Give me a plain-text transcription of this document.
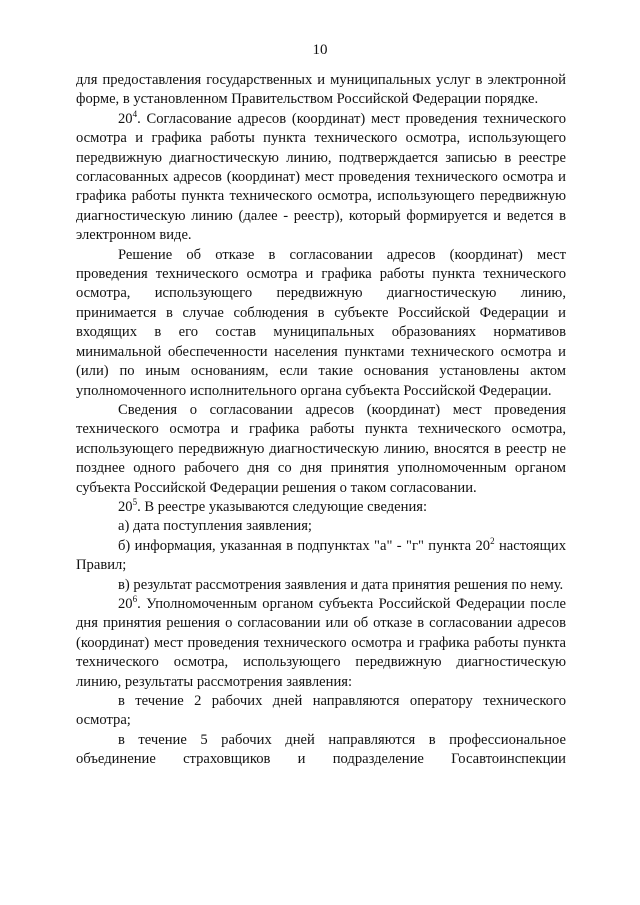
10

для предоставления государственных и муниципальных услуг в электронной форме, в установленном Правительством Российской Федерации порядке.

$20^4$. Согласование адресов (координат) мест проведения технического осмотра и графика работы пункта технического осмотра, использующего передвижную диагностическую линию, подтверждается записью в реестре согласованных адресов (координат) мест проведения технического осмотра и графика работы пункта технического осмотра, использующего передвижную диагностическую линию (далее - реестр), который формируется и ведется в электронном виде.

Решение об отказе в согласовании адресов (координат) мест проведения технического осмотра и графика работы пункта технического осмотра, использующего передвижную диагностическую линию, принимается в случае соблюдения в субъекте Российской Федерации и входящих в его состав муниципальных образованиях нормативов минимальной обеспеченности населения пунктами технического осмотра и (или) по иным основаниям, если такие основания установлены актом уполномоченного исполнительного органа субъекта Российской Федерации.

Сведения о согласовании адресов (координат) мест проведения технического осмотра и графика работы пункта технического осмотра, использующего передвижную диагностическую линию, вносятся в реестр не позднее одного рабочего дня со дня принятия уполномоченным органом субъекта Российской Федерации решения о таком согласовании.

$20^5$. В реестре указываются следующие сведения:

а) дата поступления заявления;

б) информация, указанная в подпунктах "а" - "г" пункта $20^2$ настоящих Правил;

в) результат рассмотрения заявления и дата принятия решения по нему.

$20^6$. Уполномоченным органом субъекта Российской Федерации после дня принятия решения о согласовании или об отказе в согласовании адресов (координат) мест проведения технического осмотра и графика работы пункта технического осмотра, использующего передвижную диагностическую линию, результаты рассмотрения заявления:

в течение 2 рабочих дней направляются оператору технического осмотра;

в течение 5 рабочих дней направляются в профессиональное объединение страховщиков и подразделение Госавтоинспекции
